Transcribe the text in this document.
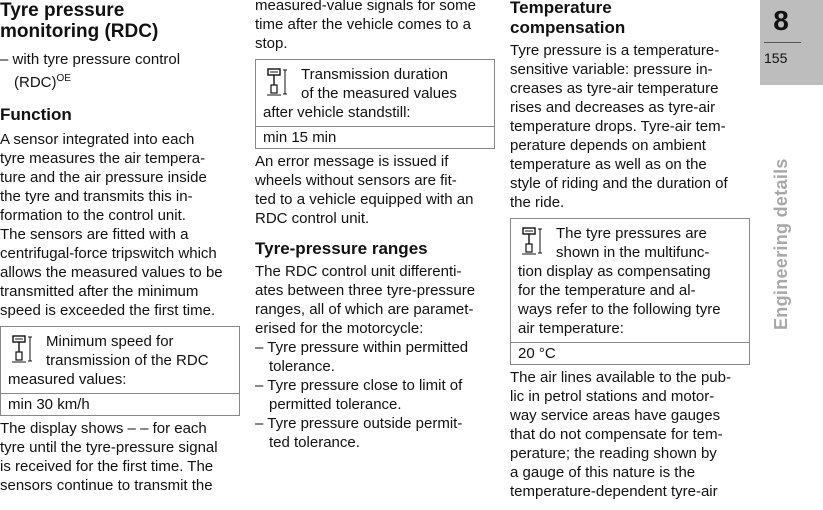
Tyre pressure
monitoring (RDC)

– with tyre pressure control
(RDC)$^{OE}$

Function

A sensor integrated into each
tyre measures the air tempera-
ture and the air pressure inside
the tyre and transmits this in-
formation to the control unit.

The sensors are fitted with a
centrifugal-force tripswitch which
allows the measured values to be
transmitted after the minimum
speed is exceeded the first time.

Minimum speed for
transmission of the RDC
measured values:
min 30 km/h

The display shows – – for each
tyre until the tyre-pressure signal
is received for the first time. The
sensors continue to transmit the

measured-value signals for some
time after the vehicle comes to a
stop.

Transmission duration
of the measured values
after vehicle standstill:
min 15 min

An error message is issued if
wheels without sensors are fit-
ted to a vehicle equipped with an
RDC control unit.

Tyre-pressure ranges

The RDC control unit differenti-
ates between three tyre-pressure
ranges, all of which are paramet-
erised for the motorcycle:

– Tyre pressure within permitted
tolerance.

– Tyre pressure close to limit of
permitted tolerance.

– Tyre pressure outside permit-
ted tolerance.

Temperature
compensation

Tyre pressure is a temperature-
sensitive variable: pressure in-
creases as tyre-air temperature
rises and decreases as tyre-air
temperature drops. Tyre-air tem-
perature depends on ambient
temperature as well as on the
style of riding and the duration of
the ride.

The tyre pressures are
shown in the multifunc-
tion display as compensating
for the temperature and al-
ways refer to the following tyre
air temperature:
20 °C

The air lines available to the pub-
lic in petrol stations and motor-
way service areas have gauges
that do not compensate for tem-
perature; the reading shown by
a gauge of this nature is the
temperature-dependent tyre-air

8
155
Engineering details
